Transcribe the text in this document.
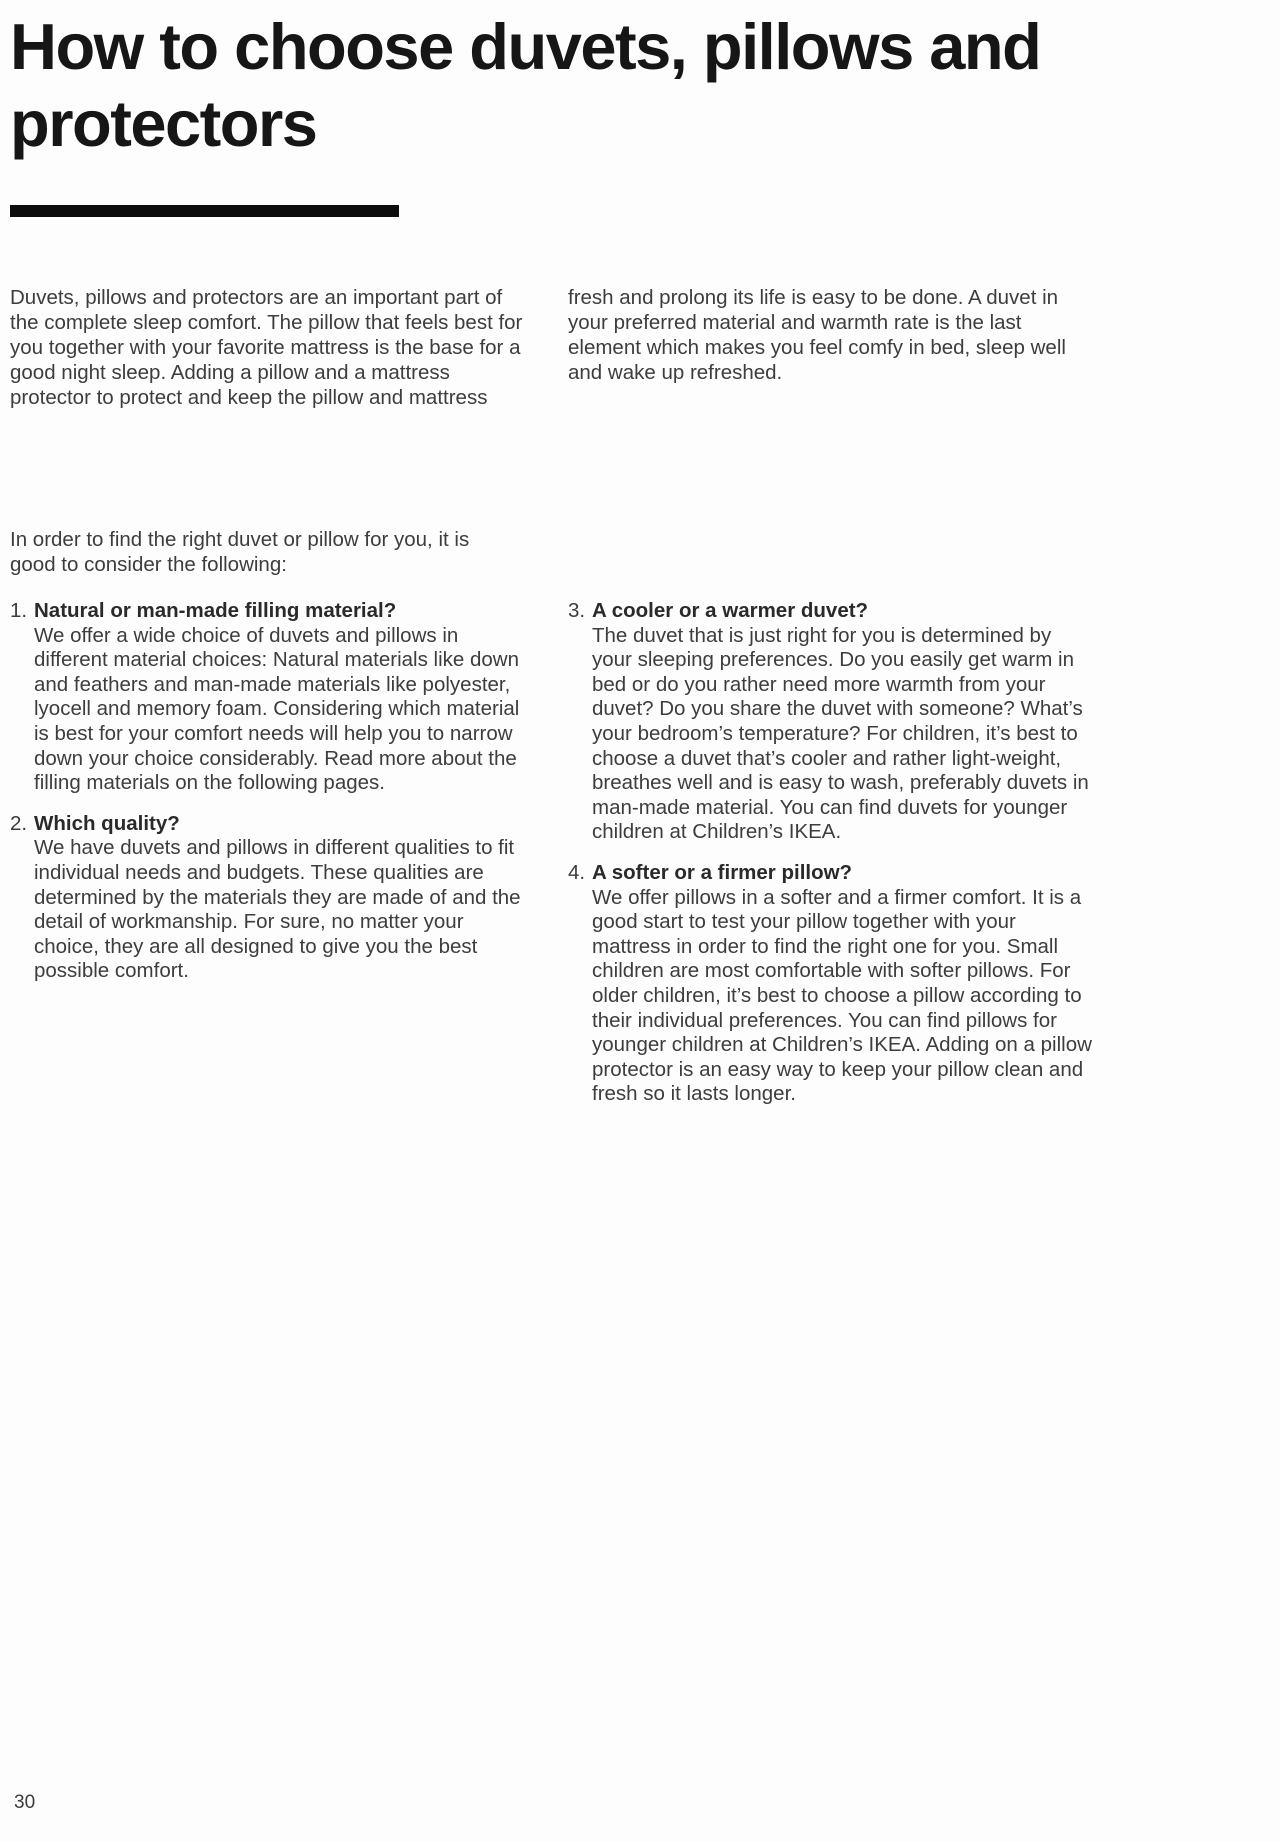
How to choose duvets, pillows and protectors

Duvets, pillows and protectors are an important part of the complete sleep comfort. The pillow that feels best for you together with your favorite mattress is the base for a good night sleep. Adding a pillow and a mattress protector to protect and keep the pillow and mattress

fresh and prolong its life is easy to be done. A duvet in your preferred material and warmth rate is the last element which makes you feel comfy in bed, sleep well and wake up refreshed.

In order to find the right duvet or pillow for you, it is good to consider the following:

1. Natural or man-made filling material?
We offer a wide choice of duvets and pillows in different material choices: Natural materials like down and feathers and man-made materials like polyester, lyocell and memory foam. Considering which material is best for your comfort needs will help you to narrow down your choice considerably. Read more about the filling materials on the following pages.
2. Which quality?
We have duvets and pillows in different qualities to fit individual needs and budgets. These qualities are determined by the materials they are made of and the detail of workmanship. For sure, no matter your choice, they are all designed to give you the best possible comfort.
3. A cooler or a warmer duvet?
The duvet that is just right for you is determined by your sleeping preferences. Do you easily get warm in bed or do you rather need more warmth from your duvet? Do you share the duvet with someone? What’s your bedroom’s temperature? For children, it’s best to choose a duvet that’s cooler and rather light-weight, breathes well and is easy to wash, preferably duvets in man-made material. You can find duvets for younger children at Children’s IKEA.
4. A softer or a firmer pillow?
We offer pillows in a softer and a firmer comfort. It is a good start to test your pillow together with your mattress in order to find the right one for you. Small children are most comfortable with softer pillows. For older children, it’s best to choose a pillow according to their individual preferences. You can find pillows for younger children at Children’s IKEA. Adding on a pillow protector is an easy way to keep your pillow clean and fresh so it lasts longer.
30
